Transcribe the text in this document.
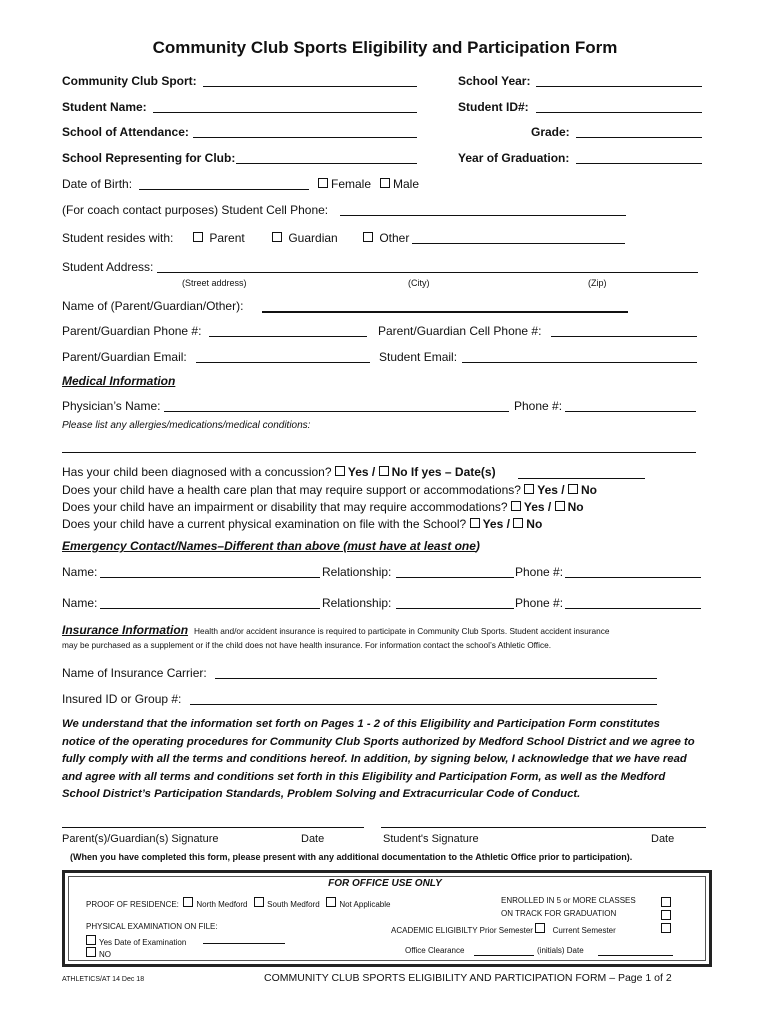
Community Club Sports Eligibility and Participation Form
Community Club Sport:	School Year:
Student Name:	Student ID#:
School of Attendance:	Grade:
School Representing for Club:	Year of Graduation:
Date of Birth:	Female	Male
(For coach contact purposes) Student Cell Phone:
Student resides with:	Parent	Guardian	Other
Student Address:
(Street address)	(City)	(Zip)
Name of (Parent/Guardian/Other):
Parent/Guardian Phone #:	Parent/Guardian Cell Phone #:
Parent/Guardian Email:	Student Email:
Medical Information
Physician’s Name:	Phone #:
Please list any allergies/medications/medical conditions:
Has your child been diagnosed with a concussion? Yes / No If yes – Date(s)
Does your child have a health care plan that may require support or accommodations? Yes / No
Does your child have an impairment or disability that may require accommodations? Yes / No
Does your child have a current physical examination on file with the School? Yes / No
Emergency Contact/Names–Different than above (must have at least one)
Name:	Relationship:	Phone #:
Name:	Relationship:	Phone #:
Insurance Information Health and/or accident insurance is required to participate in Community Club Sports. Student accident insurance
may be purchased as a supplement or if the child does not have health insurance. For information contact the school’s Athletic Office.
Name of Insurance Carrier:
Insured ID or Group #:
We understand that the information set forth on Pages 1 - 2 of this Eligibility and Participation Form constitutes
notice of the operating procedures for Community Club Sports authorized by Medford School District and we agree to
fully comply with all the terms and conditions hereof. In addition, by signing below, I acknowledge that we have read
and agree with all terms and conditions set forth in this Eligibility and Participation Form, as well as the Medford
School District’s Participation Standards, Problem Solving and Extracurricular Code of Conduct.
Parent(s)/Guardian(s) Signature	Date	Student's Signature	Date
(When you have completed this form, please present with any additional documentation to the Athletic Office prior to participation).
FOR OFFICE USE ONLY
PROOF OF RESIDENCE: North Medford South Medford Not Applicable	ENROLLED IN 5 or MORE CLASSES
ON TRACK FOR GRADUATION
PHYSICAL EXAMINATION ON FILE:	ACADEMIC ELIGIBILTY Prior Semester Current Semester
Yes Date of Examination
NO	Office Clearance	(initials) Date
ATHLETICS/AT 14 Dec 18	COMMUNITY CLUB SPORTS ELIGIBILITY AND PARTICIPATION FORM – Page 1 of 2
